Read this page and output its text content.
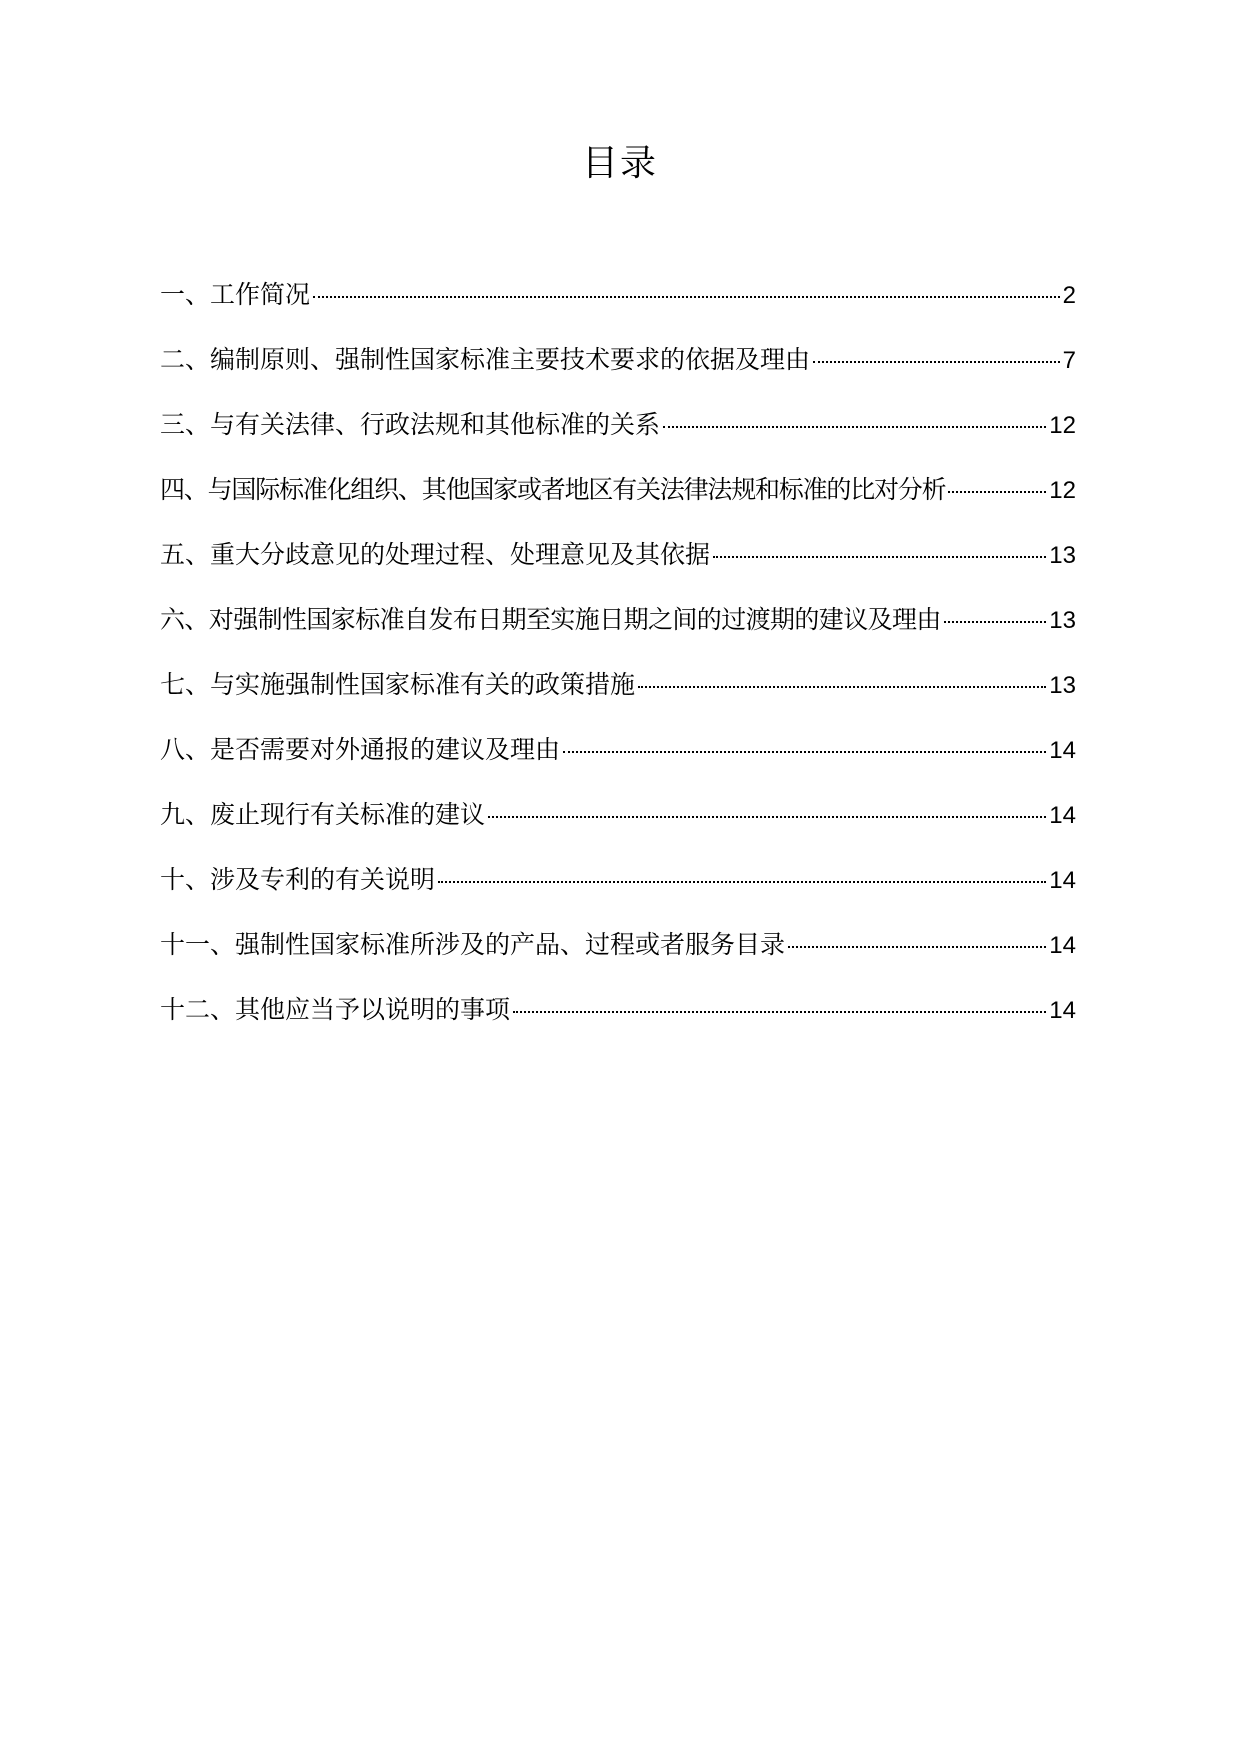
目录
一、工作简况	2
二、编制原则、强制性国家标准主要技术要求的依据及理由	7
三、与有关法律、行政法规和其他标准的关系	12
四、与国际标准化组织、其他国家或者地区有关法律法规和标准的比对分析	12
五、重大分歧意见的处理过程、处理意见及其依据	13
六、对强制性国家标准自发布日期至实施日期之间的过渡期的建议及理由	13
七、与实施强制性国家标准有关的政策措施	13
八、是否需要对外通报的建议及理由	14
九、废止现行有关标准的建议	14
十、涉及专利的有关说明	14
十一、强制性国家标准所涉及的产品、过程或者服务目录	14
十二、其他应当予以说明的事项	14
